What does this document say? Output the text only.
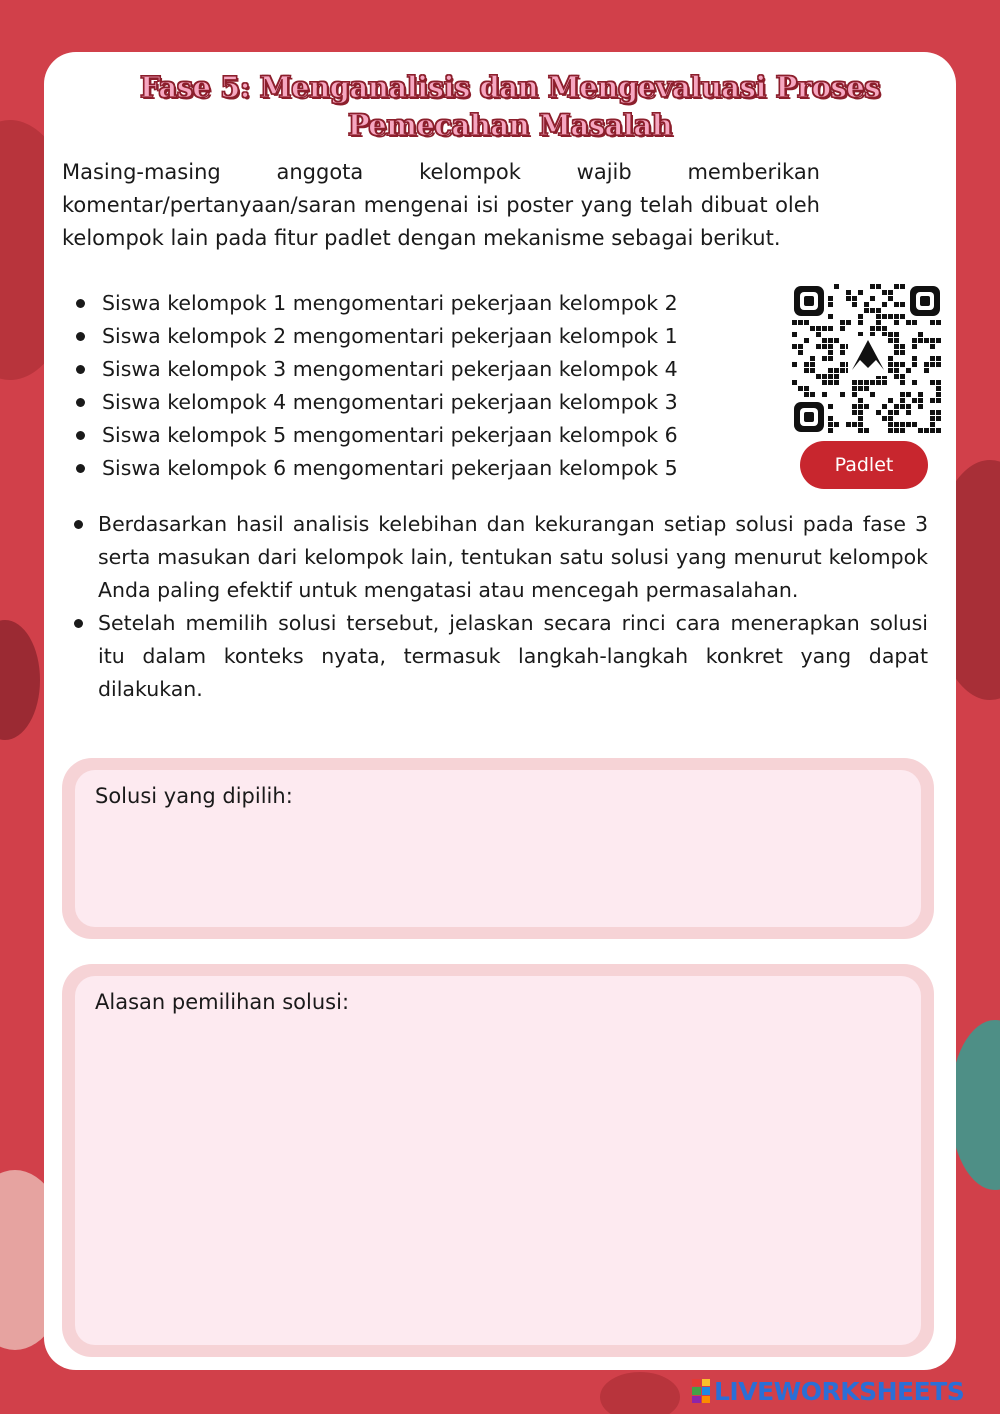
Fase 5: Menganalisis dan Mengevaluasi Proses
Pemecahan Masalah
Masing-masing anggota kelompok wajib memberikan komentar/pertanyaan/saran mengenai isi poster yang telah dibuat oleh kelompok lain pada fitur padlet dengan mekanisme sebagai berikut.
Siswa kelompok 1 mengomentari pekerjaan kelompok 2
Siswa kelompok 2 mengomentari pekerjaan kelompok 1
Siswa kelompok 3 mengomentari pekerjaan kelompok 4
Siswa kelompok 4 mengomentari pekerjaan kelompok 3
Siswa kelompok 5 mengomentari pekerjaan kelompok 6
Siswa kelompok 6 mengomentari pekerjaan kelompok 5	Padlet
Berdasarkan hasil analisis kelebihan dan kekurangan setiap solusi pada fase 3 serta masukan dari kelompok lain, tentukan satu solusi yang menurut kelompok Anda paling efektif untuk mengatasi atau mencegah permasalahan.
Setelah memilih solusi tersebut, jelaskan secara rinci cara menerapkan solusi itu dalam konteks nyata, termasuk langkah-langkah konkret yang dapat dilakukan.
Solusi yang dipilih:
Alasan pemilihan solusi:
LIVEWORKSHEETS
